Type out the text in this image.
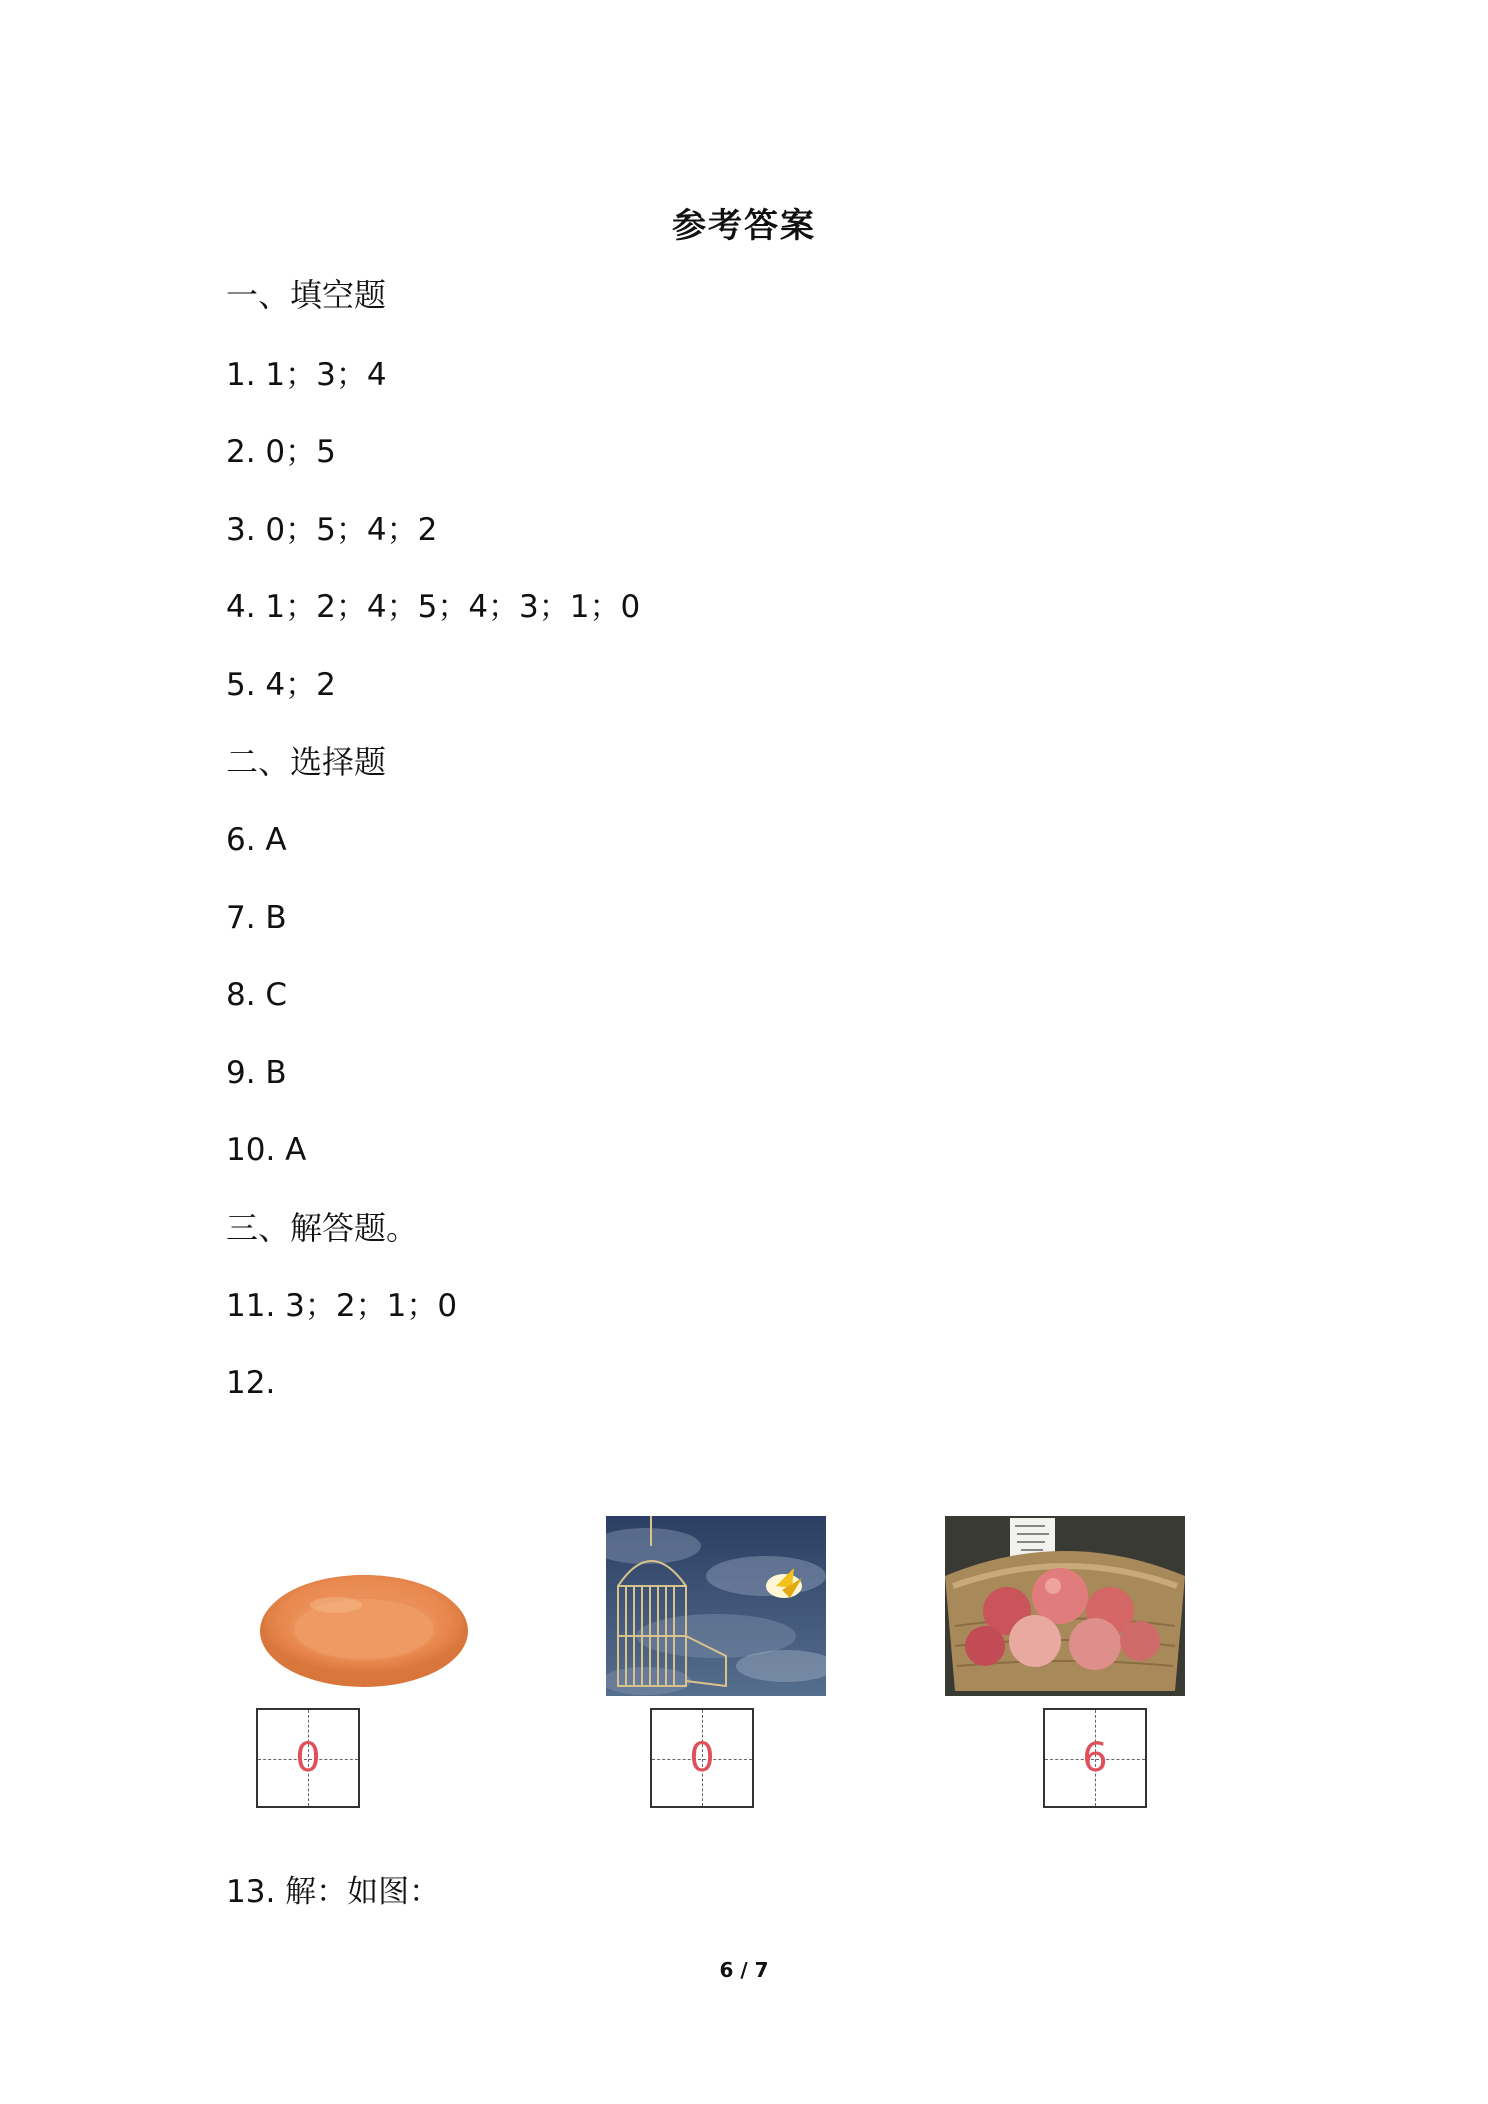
参考答案
一、填空题
1. 1；3；4
2. 0；5
3. 0；5；4；2
4. 1；2；4；5；4；3；1；0
5. 4；2
二、选择题
6. A
7. B
8. C
9. B
10. A
三、解答题。
11. 3；2；1；0
12.
0	0	6
13. 解：如图：
6 / 7
